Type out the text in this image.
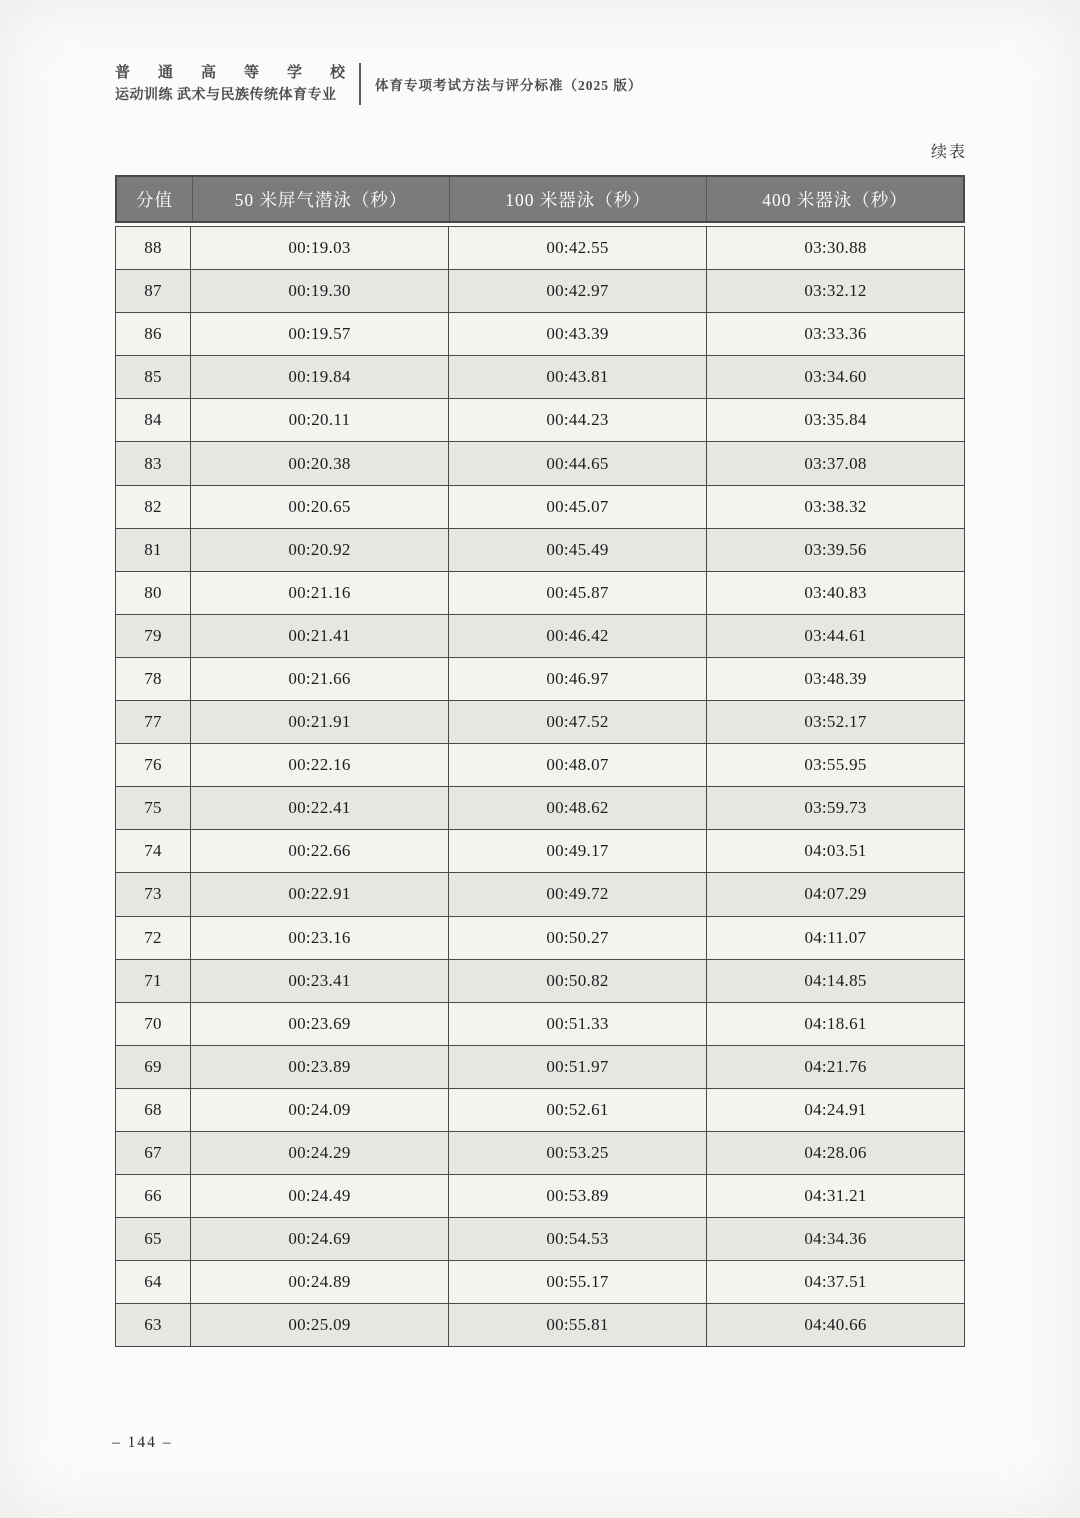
普通高等学校
运动训练 武术与民族传统体育专业
体育专项考试方法与评分标准（2025 版）
续表
分值	50 米屏气潜泳（秒）	100 米器泳（秒）	400 米器泳（秒）
88	00:19.03	00:42.55	03:30.88
87	00:19.30	00:42.97	03:32.12
86	00:19.57	00:43.39	03:33.36
85	00:19.84	00:43.81	03:34.60
84	00:20.11	00:44.23	03:35.84
83	00:20.38	00:44.65	03:37.08
82	00:20.65	00:45.07	03:38.32
81	00:20.92	00:45.49	03:39.56
80	00:21.16	00:45.87	03:40.83
79	00:21.41	00:46.42	03:44.61
78	00:21.66	00:46.97	03:48.39
77	00:21.91	00:47.52	03:52.17
76	00:22.16	00:48.07	03:55.95
75	00:22.41	00:48.62	03:59.73
74	00:22.66	00:49.17	04:03.51
73	00:22.91	00:49.72	04:07.29
72	00:23.16	00:50.27	04:11.07
71	00:23.41	00:50.82	04:14.85
70	00:23.69	00:51.33	04:18.61
69	00:23.89	00:51.97	04:21.76
68	00:24.09	00:52.61	04:24.91
67	00:24.29	00:53.25	04:28.06
66	00:24.49	00:53.89	04:31.21
65	00:24.69	00:54.53	04:34.36
64	00:24.89	00:55.17	04:37.51
63	00:25.09	00:55.81	04:40.66
– 144 –
